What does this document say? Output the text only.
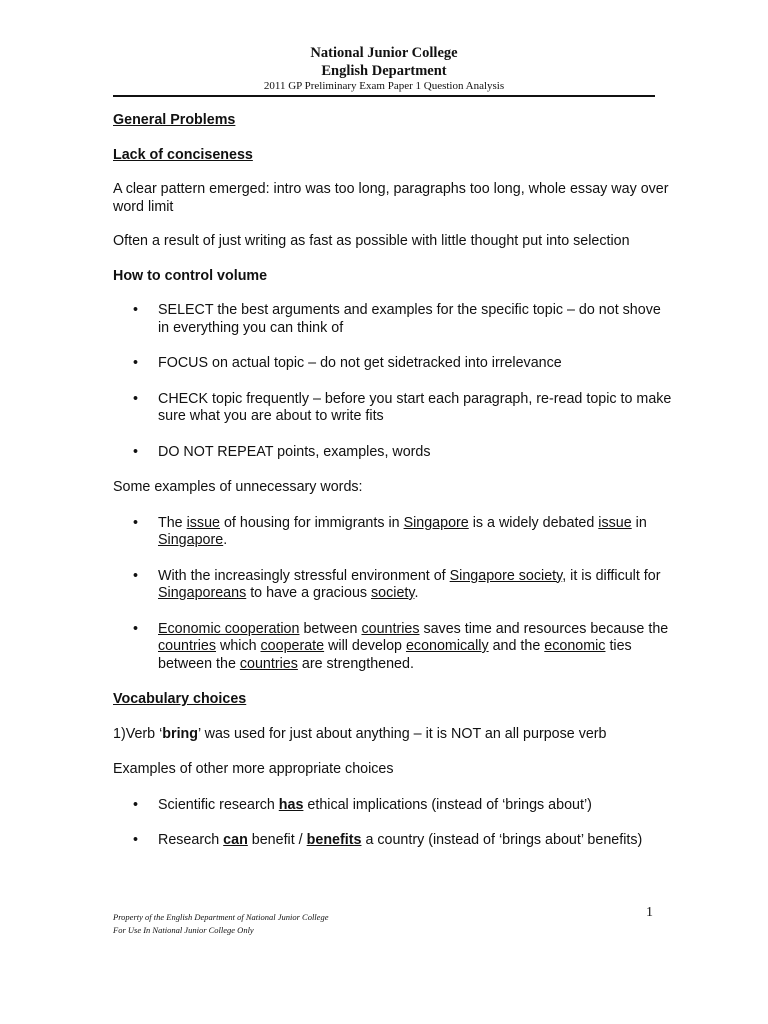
National Junior College
English Department
2011 GP Preliminary Exam Paper 1 Question Analysis

General Problems

Lack of conciseness

A clear pattern emerged: intro was too long, paragraphs too long, whole essay way over word limit

Often a result of just writing as fast as possible with little thought put into selection

How to control volume

• SELECT the best arguments and examples for the specific topic – do not shove in everything you can think of
• FOCUS on actual topic – do not get sidetracked into irrelevance
• CHECK topic frequently – before you start each paragraph, re-read topic to make sure what you are about to write fits
• DO NOT REPEAT points, examples, words

Some examples of unnecessary words:

• The issue of housing for immigrants in Singapore is a widely debated issue in Singapore.
• With the increasingly stressful environment of Singapore society, it is difficult for Singaporeans to have a gracious society.
• Economic cooperation between countries saves time and resources because the countries which cooperate will develop economically and the economic ties between the countries are strengthened.

Vocabulary choices

1)Verb ‘bring’ was used for just about anything – it is NOT an all purpose verb

Examples of other more appropriate choices

• Scientific research has ethical implications (instead of ‘brings about’)
• Research can benefit / benefits a country (instead of ‘brings about’ benefits)
Property of the English Department of National Junior College
For Use In National Junior College Only
1
